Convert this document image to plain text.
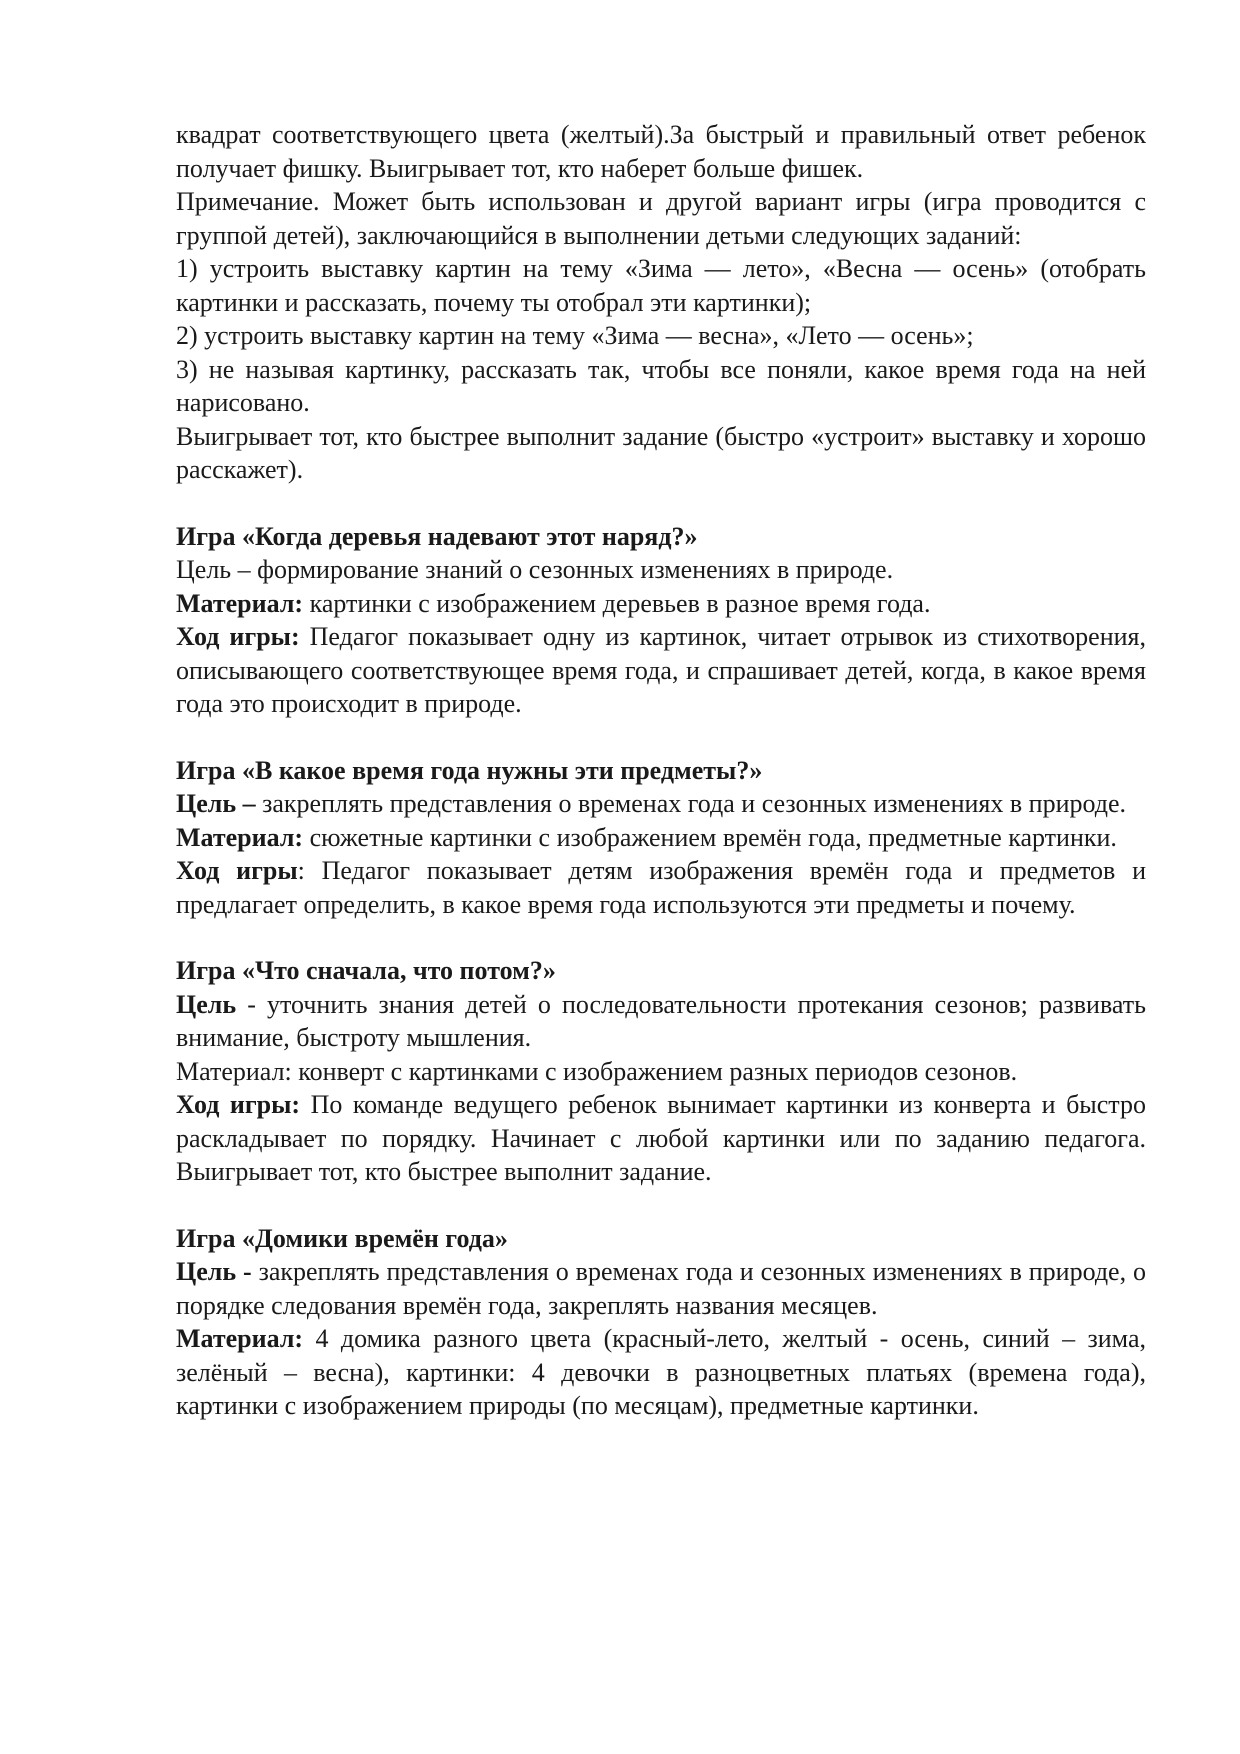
квадрат соответствующего цвета (желтый).За быстрый и правильный ответ ребенок получает фишку. Выигрывает тот, кто наберет больше фишек.

Примечание. Может быть использован и другой вариант игры (игра проводится с группой детей), заключающийся в выполнении детьми следующих заданий:

1) устроить выставку картин на тему «Зима — лето», «Весна — осень» (отобрать картинки и рассказать, почему ты отобрал эти картинки);

2) устроить выставку картин на тему «Зима — весна», «Лето — осень»;

3) не называя картинку, рассказать так, чтобы все поняли, какое время года на ней нарисовано.

Выигрывает тот, кто быстрее выполнит задание (быстро «устроит» выставку и хорошо расскажет).

Игра «Когда деревья надевают этот наряд?»

Цель – формирование знаний о сезонных изменениях в природе.

Материал: картинки с изображением деревьев в разное время года.

Ход игры: Педагог показывает одну из картинок, читает отрывок из стихотворения, описывающего соответствующее время года, и спрашивает детей, когда, в какое время года это происходит в природе.

Игра «В какое время года нужны эти предметы?»

Цель – закреплять представления о временах года и сезонных изменениях в природе.

Материал: сюжетные картинки с изображением времён года, предметные картинки.

Ход игры: Педагог показывает детям изображения времён года и предметов и предлагает определить, в какое время года используются эти предметы и почему.

Игра «Что сначала, что потом?»

Цель - уточнить знания детей о последовательности протекания сезонов; развивать внимание, быстроту мышления.

Материал: конверт с картинками с изображением разных периодов сезонов.

Ход игры: По команде ведущего ребенок вынимает картинки из конверта и быстро раскладывает по порядку. Начинает с любой картинки или по заданию педагога. Выигрывает тот, кто быстрее выполнит задание.

Игра «Домики времён года»

Цель - закреплять представления о временах года и сезонных изменениях в природе, о порядке следования времён года, закреплять названия месяцев.

Материал: 4 домика разного цвета (красный-лето, желтый - осень, синий – зима, зелёный – весна), картинки: 4 девочки в разноцветных платьях (времена года), картинки с изображением природы (по месяцам), предметные картинки.
